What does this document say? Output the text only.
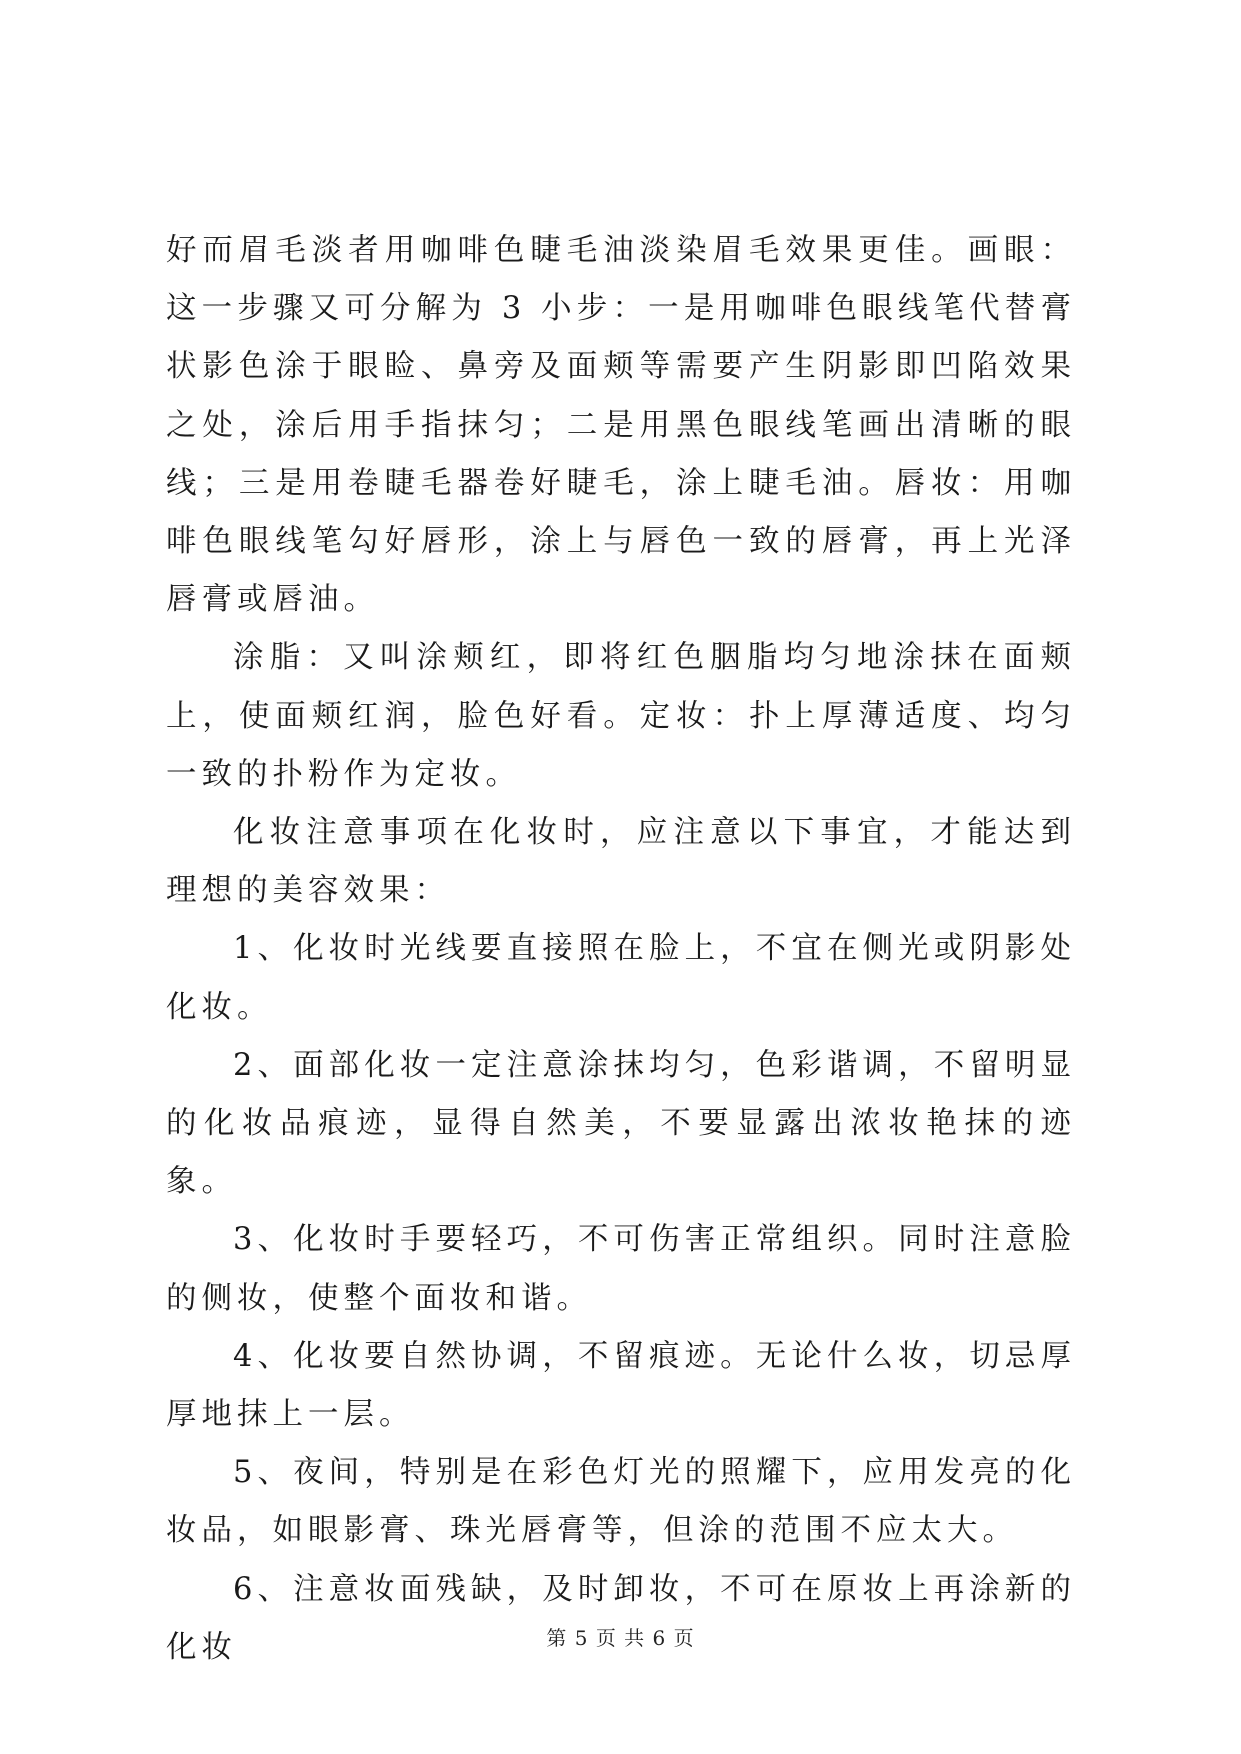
好而眉毛淡者用咖啡色睫毛油淡染眉毛效果更佳。画眼：这一步骤又可分解为 3 小步：一是用咖啡色眼线笔代替膏状影色涂于眼睑、鼻旁及面颊等需要产生阴影即凹陷效果之处，涂后用手指抹匀；二是用黑色眼线笔画出清晰的眼线；三是用卷睫毛器卷好睫毛，涂上睫毛油。唇妆：用咖啡色眼线笔勾好唇形，涂上与唇色一致的唇膏，再上光泽唇膏或唇油。

涂脂：又叫涂颊红，即将红色胭脂均匀地涂抹在面颊上，使面颊红润，脸色好看。定妆：扑上厚薄适度、均匀一致的扑粉作为定妆。

化妆注意事项在化妆时，应注意以下事宜，才能达到理想的美容效果：

1、化妆时光线要直接照在脸上，不宜在侧光或阴影处化妆。

2、面部化妆一定注意涂抹均匀，色彩谐调，不留明显的化妆品痕迹，显得自然美，不要显露出浓妆艳抹的迹象。

3、化妆时手要轻巧，不可伤害正常组织。同时注意脸的侧妆，使整个面妆和谐。

4、化妆要自然协调，不留痕迹。无论什么妆，切忌厚厚地抹上一层。

5、夜间，特别是在彩色灯光的照耀下，应用发亮的化妆品，如眼影膏、珠光唇膏等，但涂的范围不应太大。

6、注意妆面残缺，及时卸妆，不可在原妆上再涂新的化妆	第 5 页 共 6 页
